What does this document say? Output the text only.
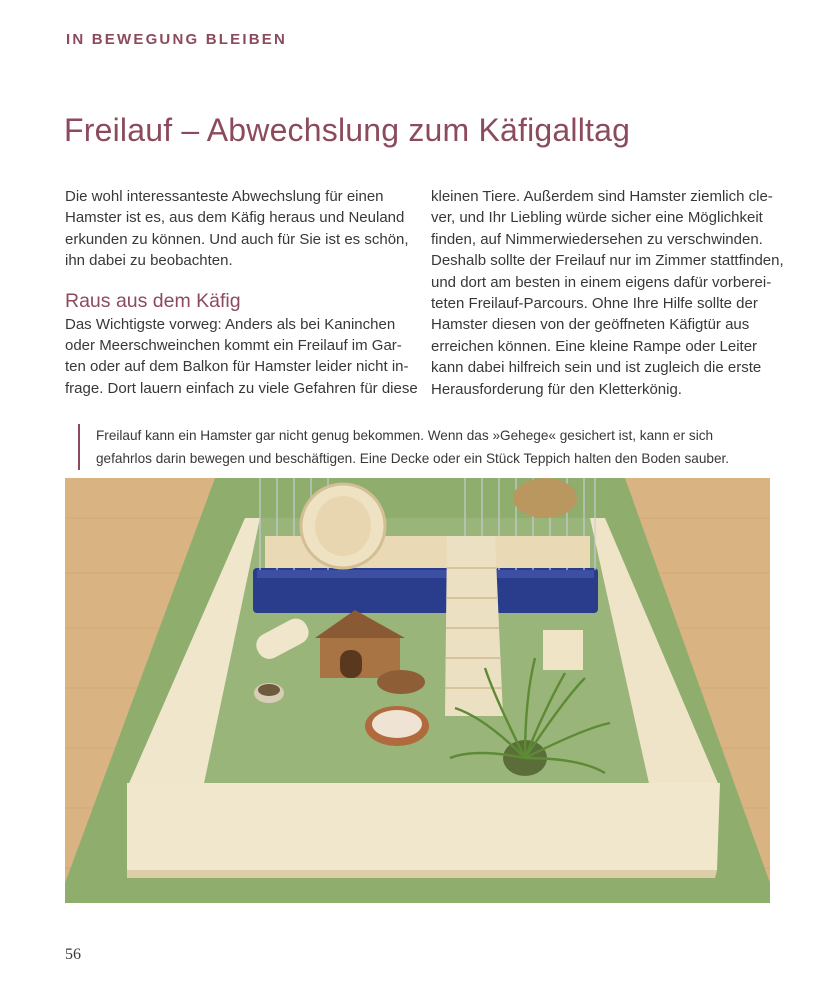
IN BEWEGUNG BLEIBEN
Freilauf – Abwechslung zum Käfigalltag

Die wohl interessanteste Abwechslung für einen

Hamster ist es, aus dem Käfig heraus und Neuland

erkunden zu können. Und auch für Sie ist es schön,

ihn dabei zu beobachten.

Raus aus dem Käfig

Das Wichtigste vorweg: Anders als bei Kaninchen

oder Meerschweinchen kommt ein Freilauf im Gar-

ten oder auf dem Balkon für Hamster leider nicht in-

frage. Dort lauern einfach zu viele Gefahren für diese

kleinen Tiere. Außerdem sind Hamster ziemlich cle-

ver, und Ihr Liebling würde sicher eine Möglichkeit

finden, auf Nimmerwiedersehen zu verschwinden.

Deshalb sollte der Freilauf nur im Zimmer stattfinden,

und dort am besten in einem eigens dafür vorberei-

teten Freilauf-Parcours. Ohne Ihre Hilfe sollte der

Hamster diesen von der geöffneten Käfigtür aus

erreichen können. Eine kleine Rampe oder Leiter

kann dabei hilfreich sein und ist zugleich die erste

Herausforderung für den Kletterkönig.

Freilauf kann ein Hamster gar nicht genug bekommen. Wenn das »Gehege« gesichert ist, kann er sich
gefahrlos darin bewegen und beschäftigen. Eine Decke oder ein Stück Teppich halten den Boden sauber.
56
